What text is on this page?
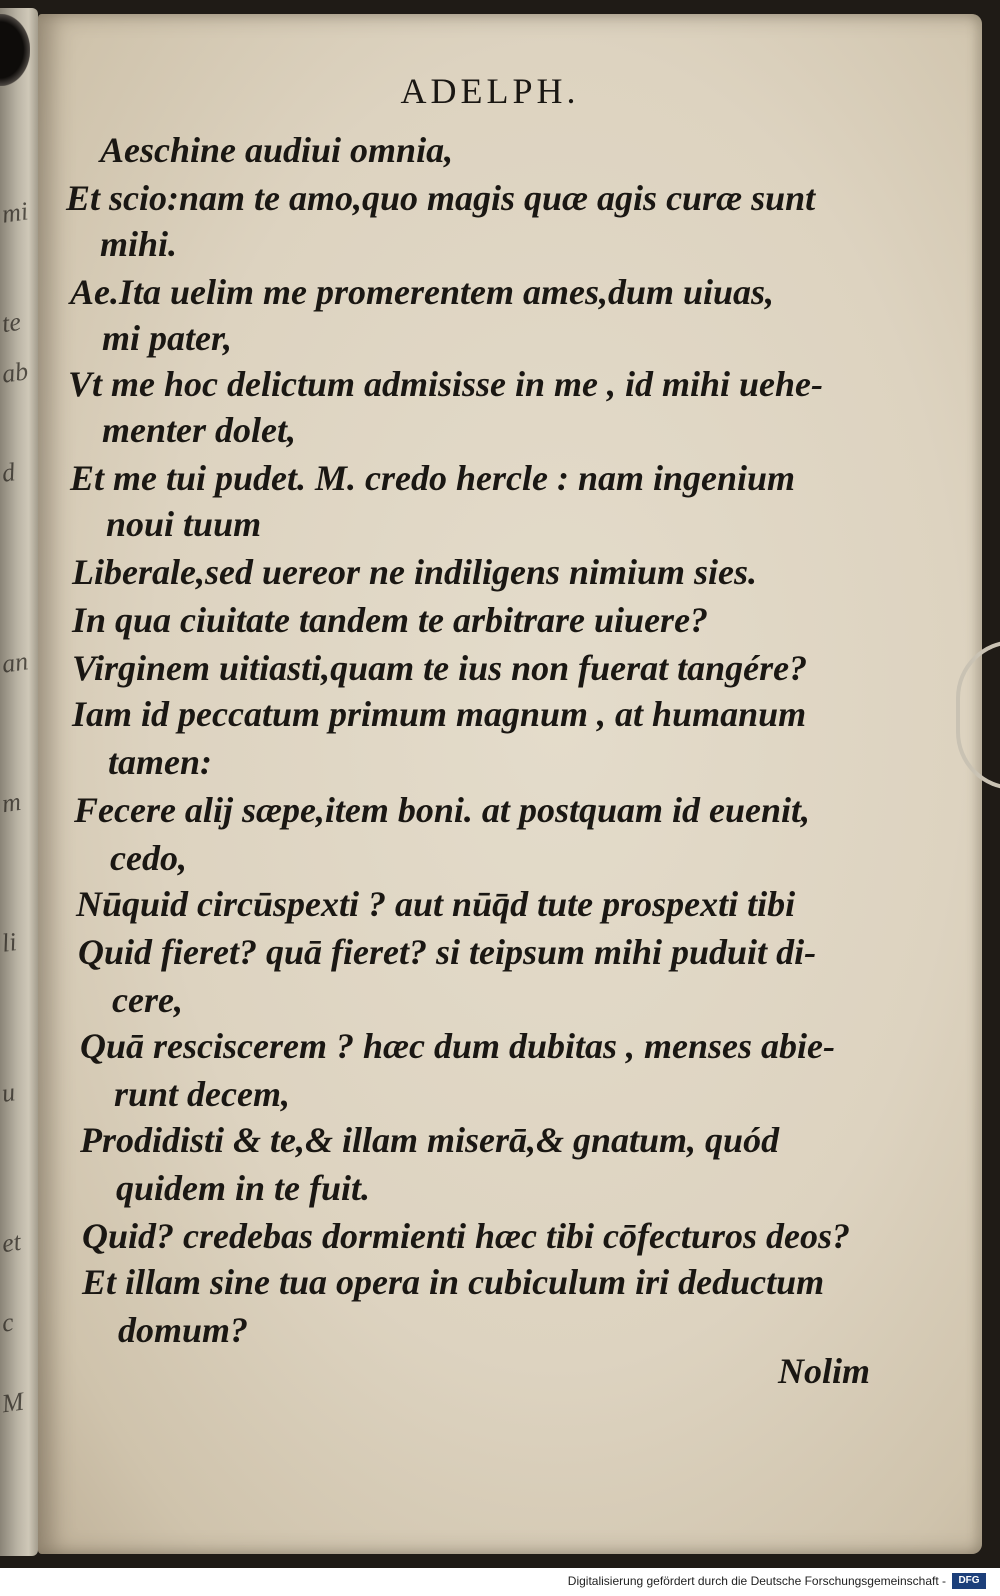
mi
te
ab
d
an
m
li
u
et
c
M
ADELPH.
Aeschine audiui omnia,
Et scio:nam te amo,quo magis quæ agis curæ sunt
mihi.
Ae.Ita uelim me promerentem ames,dum uiuas,
mi pater,
Vt me hoc delictum admisisse in me , id mihi uehe-
menter dolet,
Et me tui pudet. M. credo hercle : nam ingenium
noui tuum
Liberale,sed uereor ne indiligens nimium sies.
In qua ciuitate tandem te arbitrare uiuere?
Virginem uitiasti,quam te ius non fuerat tangére?
Iam id peccatum primum magnum , at humanum
tamen:
Fecere alij sæpe,item boni. at postquam id euenit,
cedo,
Nūquid circūspexti ? aut nūq̄d tute prospexti tibi
Quid fieret? quā fieret? si teipsum mihi puduit di-
cere,
Quā resciscerem ? hæc dum dubitas , menses abie-
runt decem,
Prodidisti & te,& illam miserā,& gnatum, quód
quidem in te fuit.
Quid? credebas dormienti hæc tibi cōfecturos deos?
Et illam sine tua opera in cubiculum iri deductum
domum?
Nolim
Digitalisierung gefördert durch die Deutsche Forschungsgemeinschaft -	DFG
